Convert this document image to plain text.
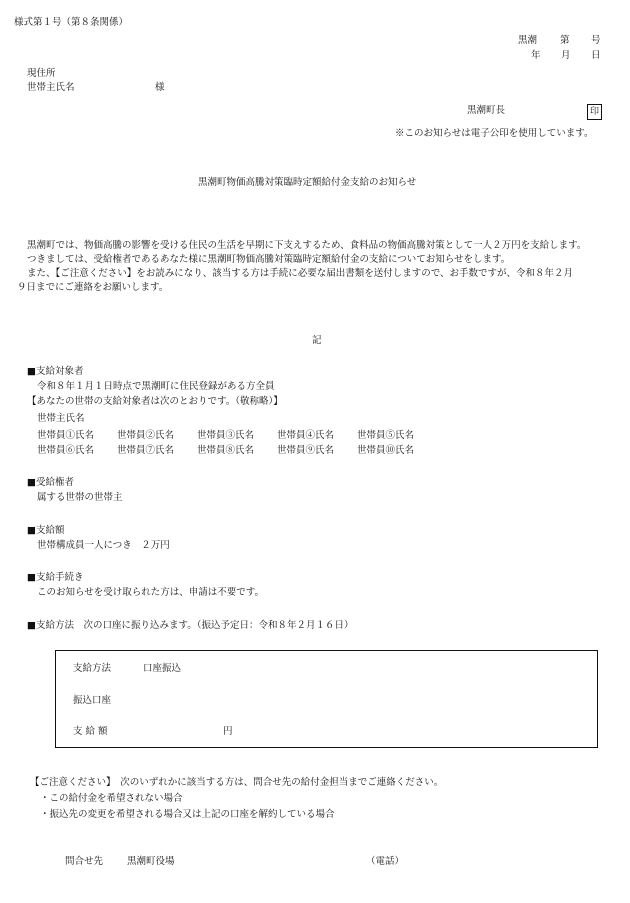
様式第１号（第８条関係）
黒潮 第 号
年 月 日
現住所
世帯主氏名	様
黒潮町長	印
※このお知らせは電子公印を使用しています。
黒潮町物価高騰対策臨時定額給付金支給のお知らせ
黒潮町では、物価高騰の影響を受ける住民の生活を早期に下支えするため、食料品の物価高騰対策として一人２万円を支給します。
つきましては、受給権者であるあなた様に黒潮町物価高騰対策臨時定額給付金の支給についてお知らせをします。
また、【ご注意ください】をお読みになり、該当する方は手続に必要な届出書類を送付しますので、お手数ですが、令和８年２月
９日までにご連絡をお願いします。
記
■支給対象者
令和８年１月１日時点で黒潮町に住民登録がある方全員
【あなたの世帯の支給対象者は次のとおりです。（敬称略）】
世帯主氏名
世帯員①氏名 世帯員②氏名 世帯員③氏名 世帯員④氏名 世帯員⑤氏名
世帯員⑥氏名 世帯員⑦氏名 世帯員⑧氏名 世帯員⑨氏名 世帯員⑩氏名
■受給権者
属する世帯の世帯主
■支給額
世帯構成員一人につき　２万円
■支給手続き
このお知らせを受け取られた方は、申請は不要です。
■支給方法　次の口座に振り込みます。（振込予定日：令和８年２月１６日）
支給方法	口座振込
振込口座
支 給 額	円
【ご注意ください】　次のいずれかに該当する方は、問合せ先の給付金担当までご連絡ください。
・この給付金を希望されない場合
・振込先の変更を希望される場合又は上記の口座を解約している場合
問合せ先	黒潮町役場	（電話）
